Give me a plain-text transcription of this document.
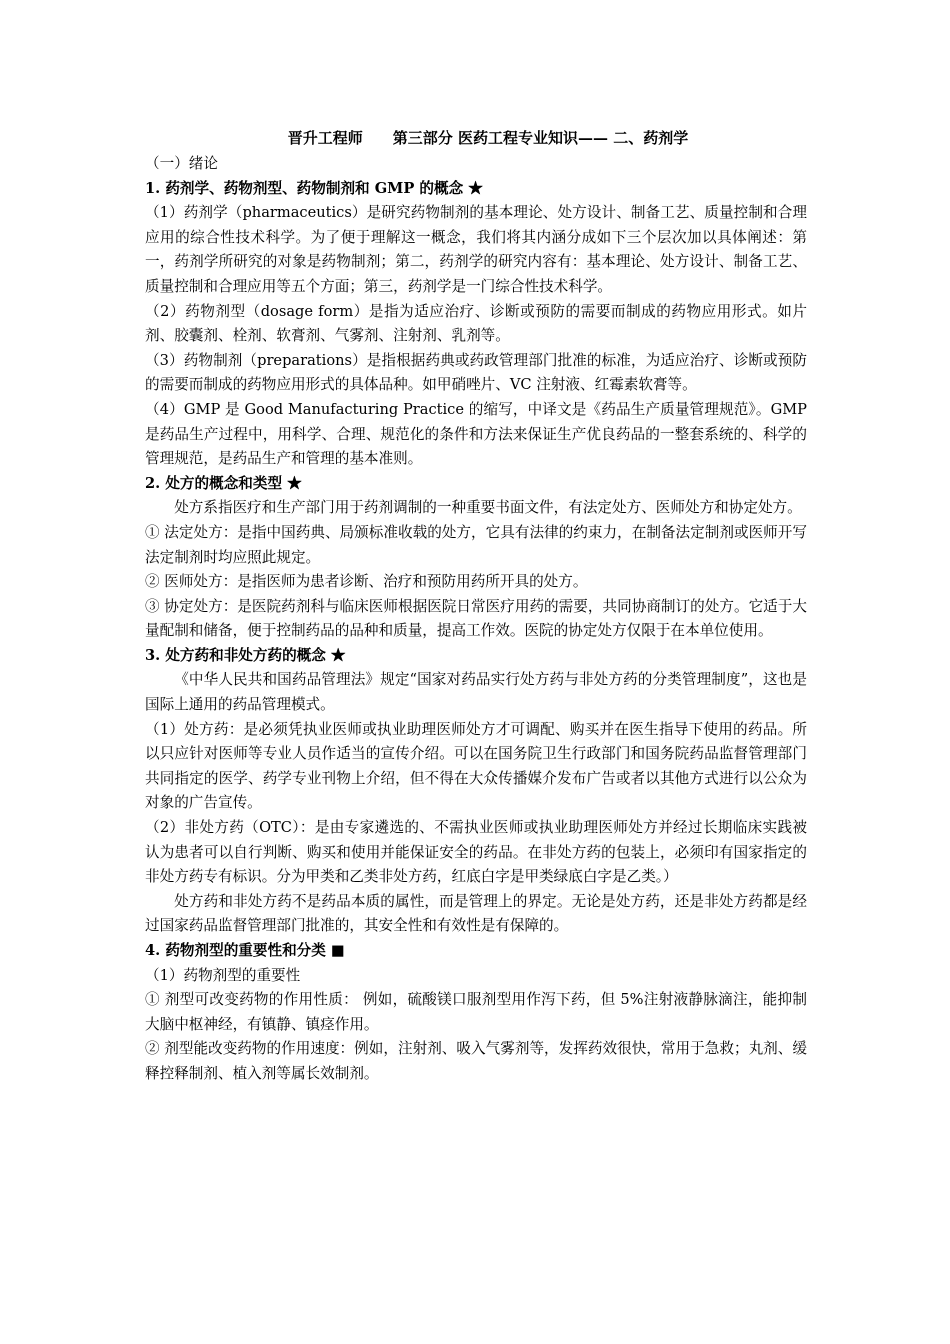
晋升工程师　　第三部分 医药工程专业知识—— 二、药剂学

（一）绪论

1. 药剂学、药物剂型、药物制剂和 GMP 的概念 ★

（1）药剂学（pharmaceutics）是研究药物制剂的基本理论、处方设计、制备工艺、质量控制和合理应用的综合性技术科学。为了便于理解这一概念，我们将其内涵分成如下三个层次加以具体阐述：第一，药剂学所研究的对象是药物制剂；第二，药剂学的研究内容有：基本理论、处方设计、制备工艺、质量控制和合理应用等五个方面；第三，药剂学是一门综合性技术科学。

（2）药物剂型（dosage form）是指为适应治疗、诊断或预防的需要而制成的药物应用形式。如片剂、胶囊剂、栓剂、软膏剂、气雾剂、注射剂、乳剂等。

（3）药物制剂（preparations）是指根据药典或药政管理部门批准的标准，为适应治疗、诊断或预防的需要而制成的药物应用形式的具体品种。如甲硝唑片、VC 注射液、红霉素软膏等。

（4）GMP 是 Good Manufacturing Practice 的缩写，中译文是《药品生产质量管理规范》。GMP 是药品生产过程中，用科学、合理、规范化的条件和方法来保证生产优良药品的一整套系统的、科学的管理规范，是药品生产和管理的基本准则。

2. 处方的概念和类型 ★

处方系指医疗和生产部门用于药剂调制的一种重要书面文件，有法定处方、医师处方和协定处方。

① 法定处方：是指中国药典、局颁标准收载的处方，它具有法律的约束力，在制备法定制剂或医师开写法定制剂时均应照此规定。

② 医师处方：是指医师为患者诊断、治疗和预防用药所开具的处方。

③ 协定处方：是医院药剂科与临床医师根据医院日常医疗用药的需要，共同协商制订的处方。它适于大量配制和储备，便于控制药品的品种和质量，提高工作效。医院的协定处方仅限于在本单位使用。

3. 处方药和非处方药的概念 ★

《中华人民共和国药品管理法》规定“国家对药品实行处方药与非处方药的分类管理制度”，这也是国际上通用的药品管理模式。

（1）处方药：是必须凭执业医师或执业助理医师处方才可调配、购买并在医生指导下使用的药品。所以只应针对医师等专业人员作适当的宣传介绍。可以在国务院卫生行政部门和国务院药品监督管理部门共同指定的医学、药学专业刊物上介绍，但不得在大众传播媒介发布广告或者以其他方式进行以公众为对象的广告宣传。

（2）非处方药（OTC）：是由专家遴选的、不需执业医师或执业助理医师处方并经过长期临床实践被认为患者可以自行判断、购买和使用并能保证安全的药品。在非处方药的包装上，必须印有国家指定的非处方药专有标识。分为甲类和乙类非处方药，红底白字是甲类绿底白字是乙类。）

处方药和非处方药不是药品本质的属性，而是管理上的界定。无论是处方药，还是非处方药都是经过国家药品监督管理部门批准的，其安全性和有效性是有保障的。

4. 药物剂型的重要性和分类 ■

（1）药物剂型的重要性

① 剂型可改变药物的作用性质： 例如，硫酸镁口服剂型用作泻下药，但 5%注射液静脉滴注，能抑制大脑中枢神经，有镇静、镇痉作用。

② 剂型能改变药物的作用速度：例如，注射剂、吸入气雾剂等，发挥药效很快，常用于急救；丸剂、缓释控释制剂、植入剂等属长效制剂。
